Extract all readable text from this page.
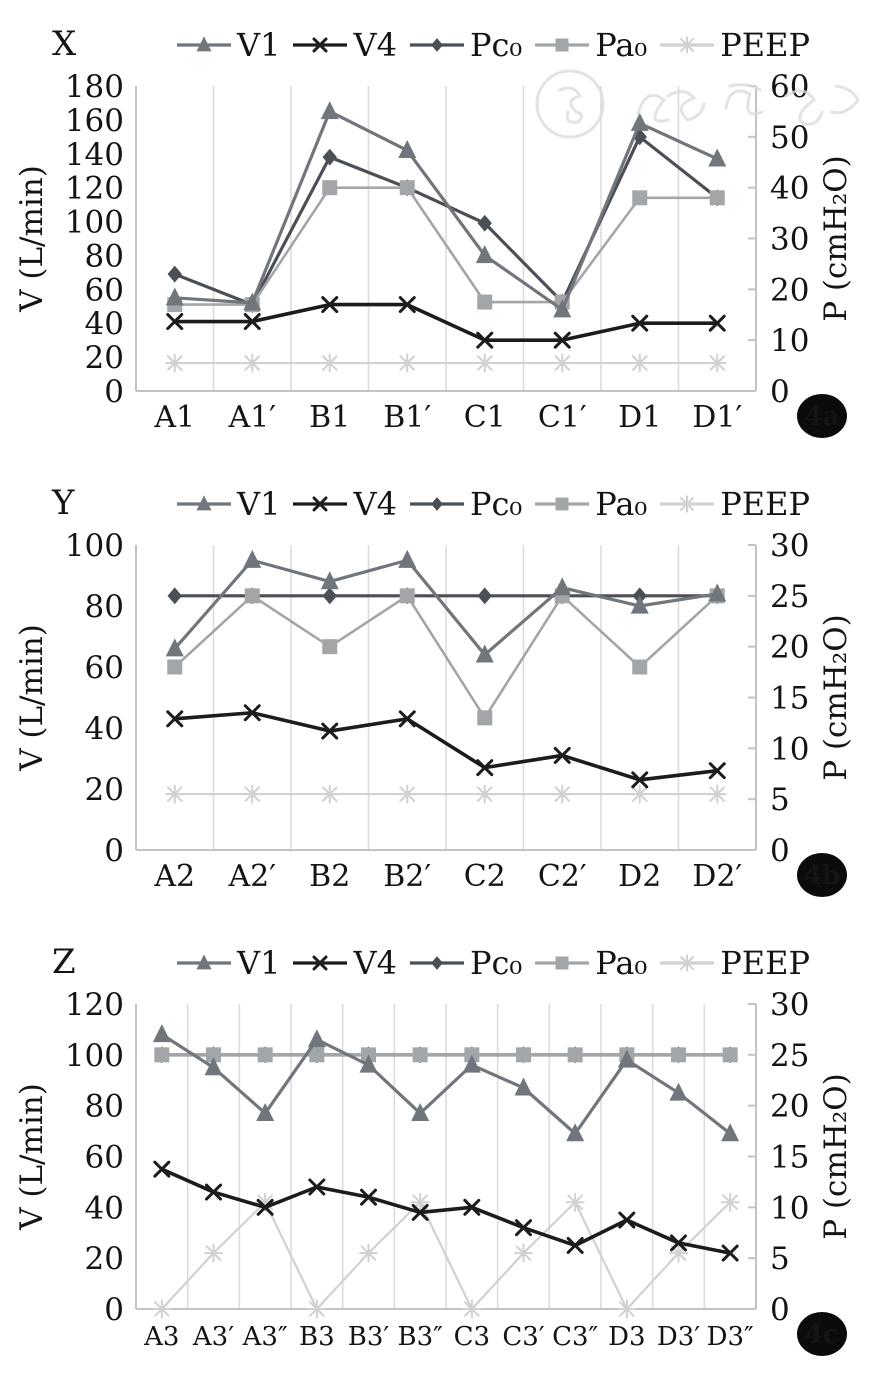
X	V1 V4 Pc₀ Pa₀ PEEP
180
160
140
120
100
80
60
40
20
0
60
50
40
30
20
10
0
V (L/min)	P (cmH₂O)
A1 A1′ B1 B1′ C1 C1′ D1 D1′ 4a
Y	V1 V4 Pc₀ Pa₀ PEEP
100
80
60
40
20
0
30
25
20
15
10
5
0
V (L/min)	P (cmH₂O)
A2 A2′ B2 B2′ C2 C2′ D2 D2′ 4b
Z	V1 V4 Pc₀ Pa₀ PEEP
120
100
80
60
40
20
0
30
25
20
15
10
5
0
V (L/min)	P (cmH₂O)
A3 A3′ A3″ B3 B3′ B3″ C3 C3′ C3″ D3 D3′ D3″ 4c
